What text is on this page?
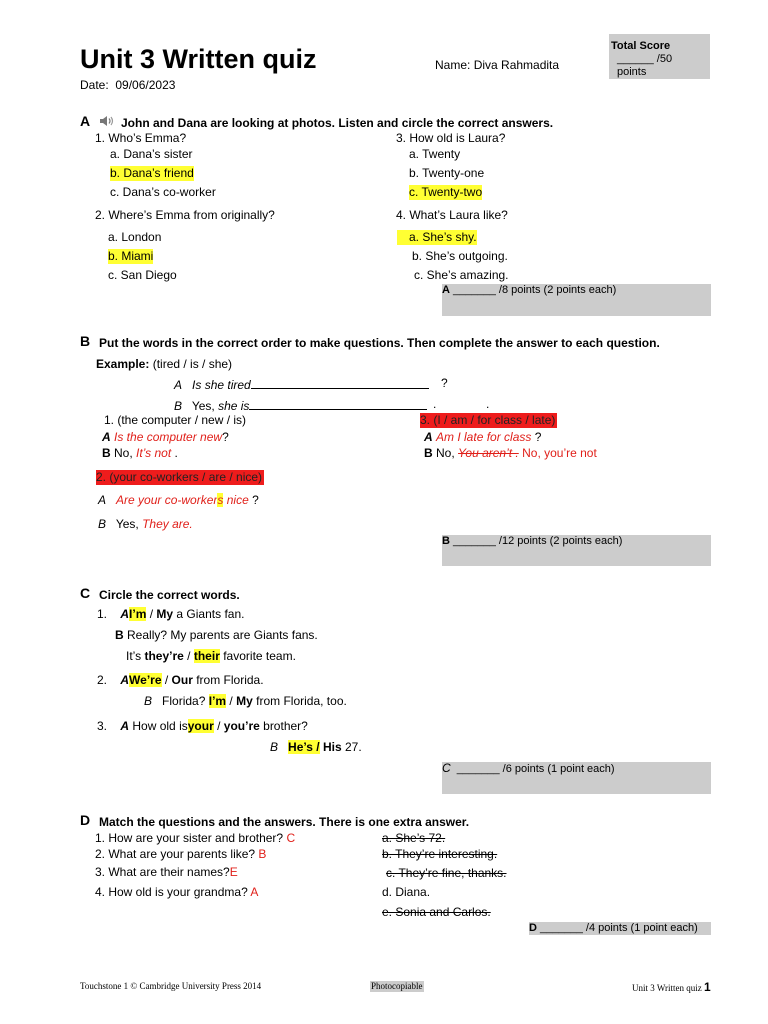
Unit 3 Written quiz
Date: 09/06/2023
Name: Diva Rahmadita
Total Score
______ /50
points
A	John and Dana are looking at photos. Listen and circle the correct answers.
1. Who’s Emma?
a. Dana’s sister
b. Dana’s friend
c. Dana’s co-worker
2. Where’s Emma from originally?
a. London
b. Miami
c. San Diego
3. How old is Laura?
a. Twenty
b. Twenty-one
c. Twenty-two
4. What’s Laura like?
a. She’s shy.
b. She’s outgoing.
c. She’s amazing.
A _______ /8 points (2 points each)
B Put the words in the correct order to make questions. Then complete the answer to each question.
Example: (tired / is / she)
A Is she tired	?
B Yes, she is	.	.
1. (the computer / new / is)
A Is the computer new?
B No, It’s not .
2. (your co-workers / are / nice)
A Are your co-workers nice ?
B Yes, They are.
3. (I / am / for class / late)
A Am I late for class ?
B No, You aren’t . No, you’re not
B _______ /12 points (2 points each)
C Circle the correct words.
1. AI’m / My a Giants fan.
B Really? My parents are Giants fans.
It’s they’re / their favorite team.
2. AWe’re / Our from Florida.
B Florida? I’m / My from Florida, too.
3. A How old isyour / you’re brother?
B He’s / His 27.
C _______ /6 points (1 point each)
D Match the questions and the answers. There is one extra answer.
1. How are your sister and brother? C
2. What are your parents like? B
3. What are their names?E
4. How old is your grandma? A
a. She’s 72.
b. They’re interesting.
c. They’re fine, thanks.
d. Diana.
e. Sonia and Carlos.
D _______ /4 points (1 point each)
Touchstone 1 © Cambridge University Press 2014	Photocopiable	Unit 3 Written quiz 1
